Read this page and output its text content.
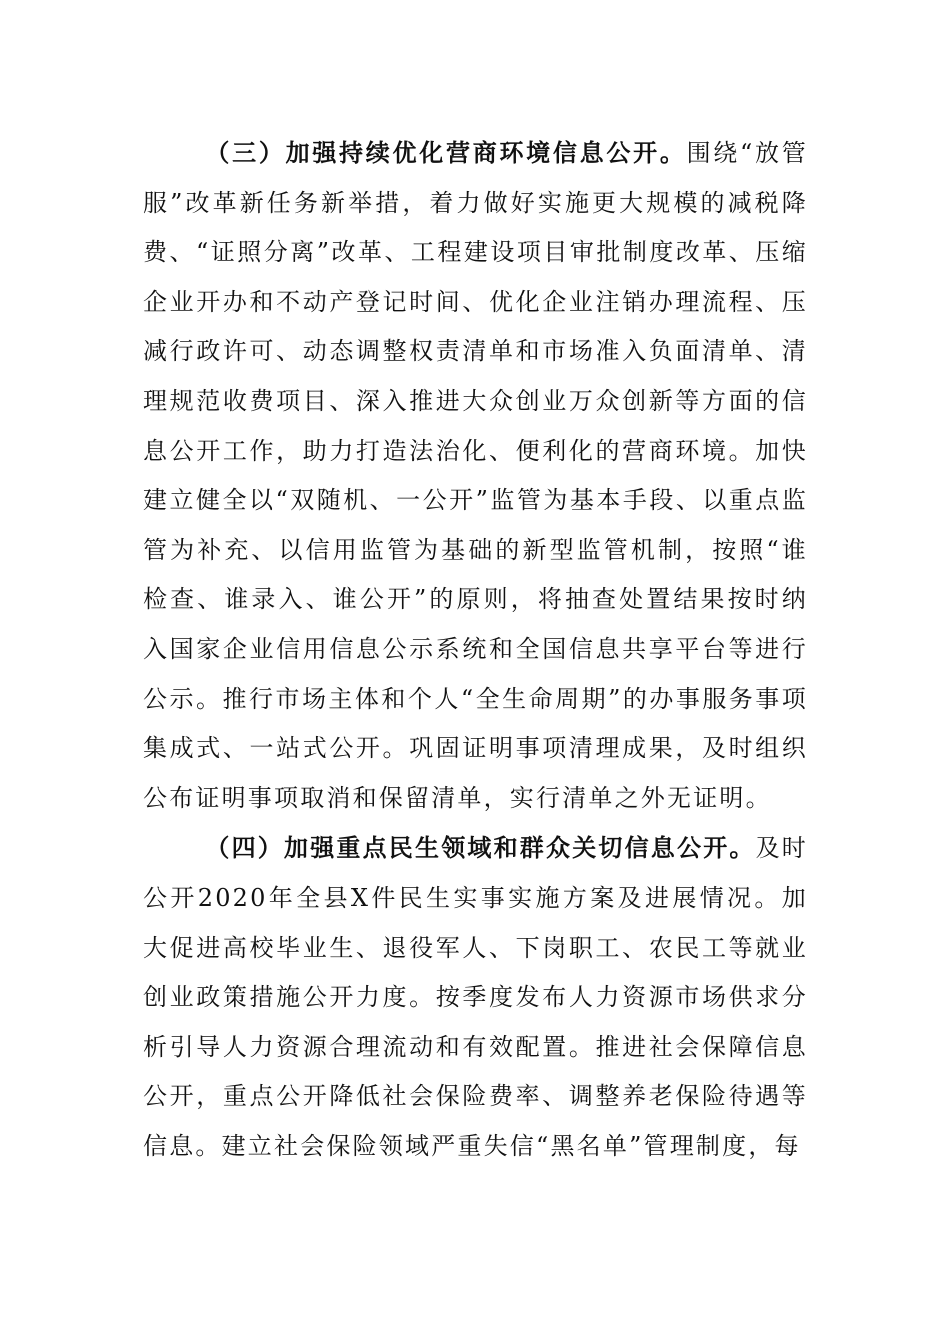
（三）加强持续优化营商环境信息公开。围绕“放管服”改革新任务新举措，着力做好实施更大规模的减税降费、“证照分离”改革、工程建设项目审批制度改革、压缩企业开办和不动产登记时间、优化企业注销办理流程、压减行政许可、动态调整权责清单和市场准入负面清单、清理规范收费项目、深入推进大众创业万众创新等方面的信息公开工作，助力打造法治化、便利化的营商环境。加快建立健全以“双随机、一公开”监管为基本手段、以重点监管为补充、以信用监管为基础的新型监管机制，按照“谁检查、谁录入、谁公开”的原则，将抽查处置结果按时纳入国家企业信用信息公示系统和全国信息共享平台等进行公示。推行市场主体和个人“全生命周期”的办事服务事项集成式、一站式公开。巩固证明事项清理成果，及时组织公布证明事项取消和保留清单，实行清单之外无证明。

（四）加强重点民生领域和群众关切信息公开。及时公开2020年全县X件民生实事实施方案及进展情况。加大促进高校毕业生、退役军人、下岗职工、农民工等就业创业政策措施公开力度。按季度发布人力资源市场供求分析引导人力资源合理流动和有效配置。推进社会保障信息公开，重点公开降低社会保险费率、调整养老保险待遇等信息。建立社会保险领域严重失信“黑名单”管理制度，每
